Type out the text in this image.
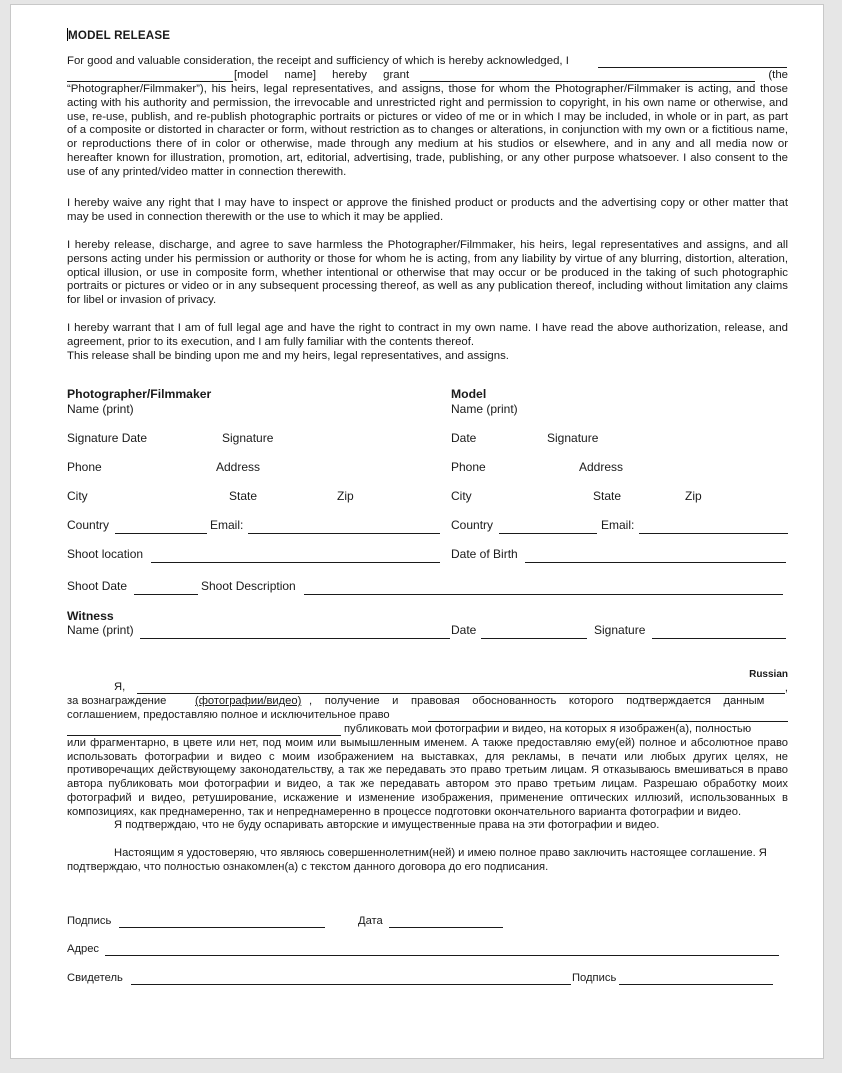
MODEL RELEASE
For good and valuable consideration, the receipt and sufficiency of which is hereby acknowledged, I
[model name] hereby grant	(the
“Photographer/Filmmaker”), his heirs, legal representatives, and assigns, those for whom the Photographer/Filmmaker is acting, and those acting with his authority and permission, the irrevocable and unrestricted right and permission to copyright, in his own name or otherwise, and use, re-use, publish, and re-publish photographic portraits or pictures or video of me or in which I may be included, in whole or in part, as part of a composite or distorted in character or form, without restriction as to changes or alterations, in conjunction with my own or a fictitious name, or reproductions there of in color or otherwise, made through any medium at his studios or elsewhere, and in any and all media now or hereafter known for illustration, promotion, art, editorial, advertising, trade, publishing, or any other purpose whatsoever. I also consent to the use of any printed/video matter in connection therewith.
I hereby waive any right that I may have to inspect or approve the finished product or products and the advertising copy or other matter that may be used in connection therewith or the use to which it may be applied.
I hereby release, discharge, and agree to save harmless the Photographer/Filmmaker, his heirs, legal representatives and assigns, and all persons acting under his permission or authority or those for whom he is acting, from any liability by virtue of any blurring, distortion, alteration, optical illusion, or use in composite form, whether intentional or otherwise that may occur or be produced in the taking of such photographic portraits or pictures or video or in any subsequent processing thereof, as well as any publication thereof, including without limitation any claims for libel or invasion of privacy.
I hereby warrant that I am of full legal age and have the right to contract in my own name. I have read the above authorization, release, and agreement, prior to its execution, and I am fully familiar with the contents thereof.
This release shall be binding upon me and my heirs, legal representatives, and assigns.
Photographer/Filmmaker
Name (print)
Signature Date	Signature
Phone	Address
City	State	Zip
Country	Email:
Shoot location
Shoot Date	Shoot Description
Model
Name (print)
Date	Signature
Phone	Address
City	State	Zip
Country	Email:
Date of Birth
Witness
Name (print)	Date	Signature
Russian
Я,	,
за вознаграждение	(фотографии/видео) , получение и правовая обоснованность которого подтверждается данным
соглашением, предоставляю полное и исключительное право
публиковать мои фотографии и видео, на которых я изображен(а), полностью
или фрагментарно, в цвете или нет, под моим или вымышленным именем. А также предоставляю ему(ей) полное и абсолютное право использовать фотографии и видео с моим изображением на выставках, для рекламы, в печати или любых других целях, не противоречащих действующему законодательству, а так же передавать это право третьим лицам. Я отказываюсь вмешиваться в право автора публиковать мои фотографии и видео, а так же передавать автором это право третьим лицам. Разрешаю обработку моих фотографий и видео, ретуширование, искажение и изменение изображения, применение оптических иллюзий, использованных в композициях, как преднамеренно, так и непреднамеренно в процессе подготовки окончательного варианта фотографии и видео.
Я подтверждаю, что не буду оспаривать авторские и имущественные права на эти фотографии и видео.
Настоящим я удостоверяю, что являюсь совершеннолетним(ней) и имею полное право заключить настоящее соглашение. Я подтверждаю, что полностью ознакомлен(а) с текстом данного договора до его подписания.
Подпись	Дата
Адрес
Свидетель	Подпись
